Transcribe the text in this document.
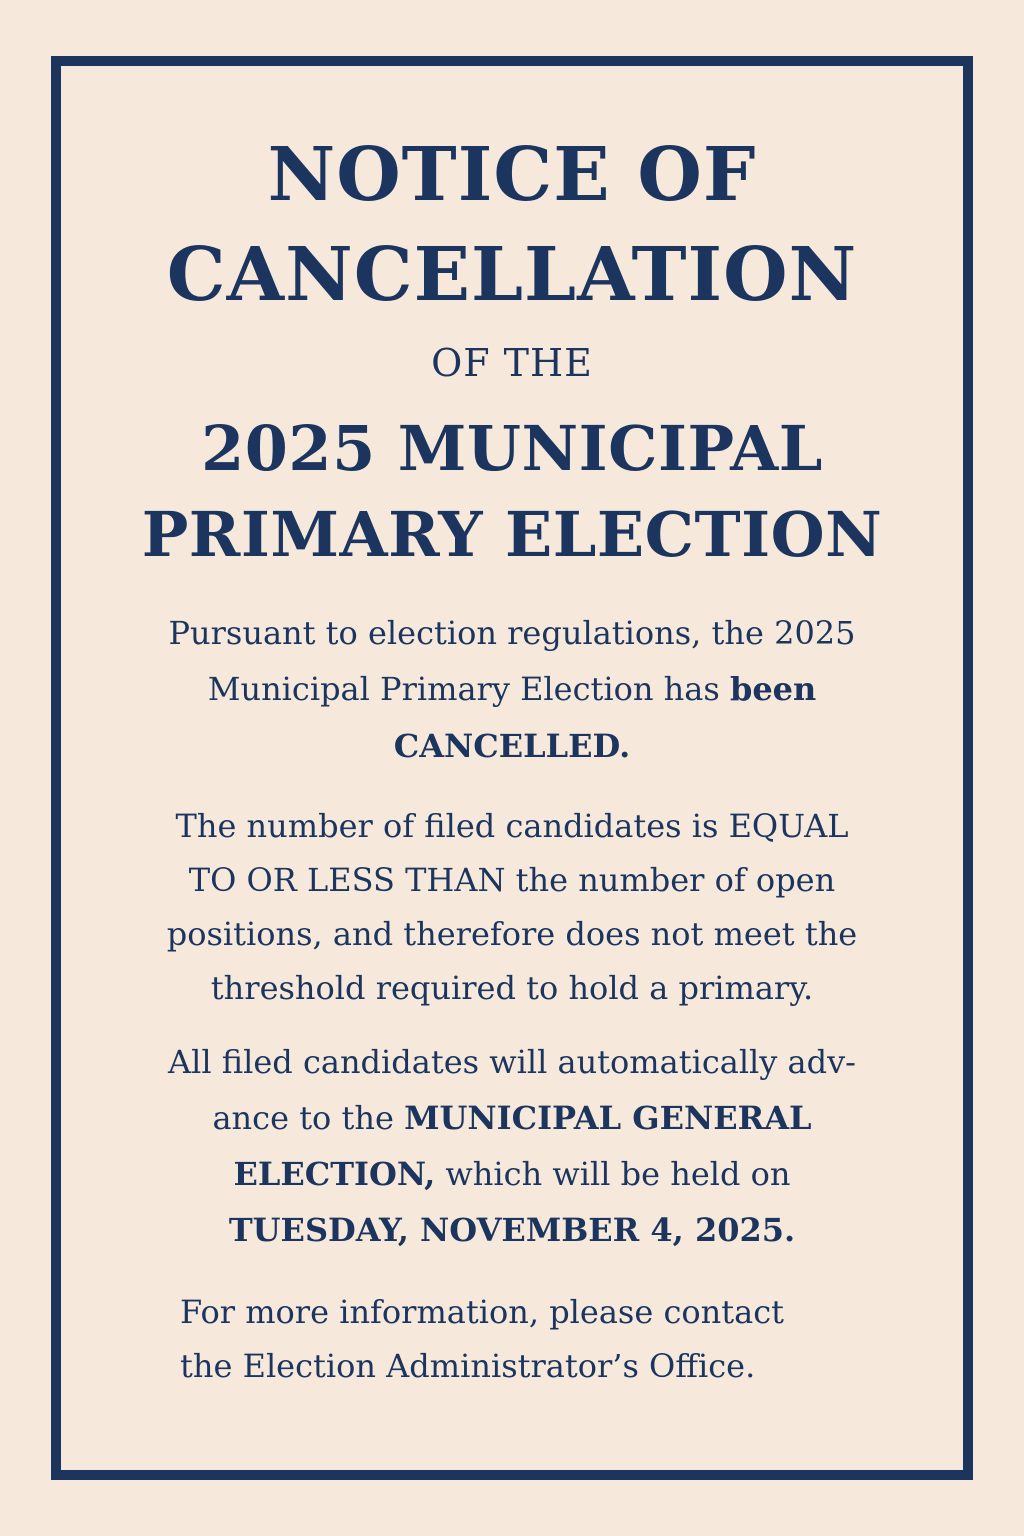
NOTICE OF
CANCELLATION
OF THE
2025 MUNICIPAL
PRIMARY ELECTION
Pursuant to election regulations, the 2025
Municipal Primary Election has been
CANCELLED.
The number of filed candidates is EQUAL
TO OR LESS THAN the number of open
positions, and therefore does not meet the
threshold required to hold a primary.
All filed candidates will automatically adv-
ance to the MUNICIPAL GENERAL
ELECTION, which will be held on
TUESDAY, NOVEMBER 4, 2025.
For more information, please contact
the Election Administrator’s Office.
